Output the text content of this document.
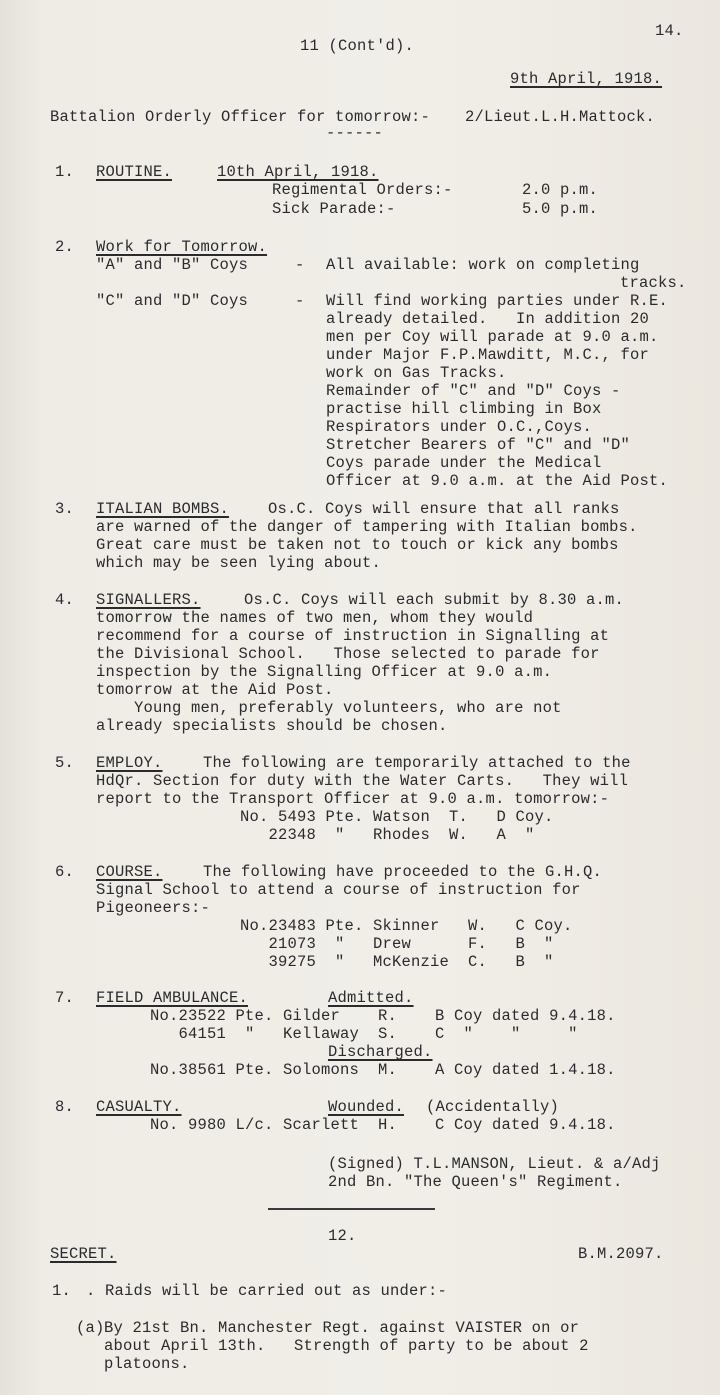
14.
11 (Cont'd).
9th April, 1918.
Battalion Orderly Officer for tomorrow:- 2/Lieut.L.H.Mattock.
------
1. ROUTINE.	10th April, 1918.
Regimental Orders:-	2.0 p.m.
Sick Parade:-	5.0 p.m.
2. Work for Tomorrow.
"A" and "B" Coys	- All available: work on completing
tracks.
"C" and "D" Coys	- Will find working parties under R.E.
already detailed.   In addition 20
men per Coy will parade at 9.0 a.m.
under Major F.P.Mawditt, M.C., for
work on Gas Tracks.
Remainder of "C" and "D" Coys -
practise hill climbing in Box
Respirators under O.C.,Coys.
Stretcher Bearers of "C" and "D"
Coys parade under the Medical
Officer at 9.0 a.m. at the Aid Post.
3. ITALIAN BOMBS.	Os.C. Coys will ensure that all ranks
are warned of the danger of tampering with Italian bombs.
Great care must be taken not to touch or kick any bombs
which may be seen lying about.
4. SIGNALLERS.	Os.C. Coys will each submit by 8.30 a.m.
tomorrow the names of two men, whom they would
recommend for a course of instruction in Signalling at
the Divisional School.   Those selected to parade for
inspection by the Signalling Officer at 9.0 a.m.
tomorrow at the Aid Post.
Young men, preferably volunteers, who are not
already specialists should be chosen.
5. EMPLOY.	The following are temporarily attached to the
HdQr. Section for duty with the Water Carts.   They will
report to the Transport Officer at 9.0 a.m. tomorrow:-
No. 5493 Pte. Watson  T.   D Coy.
22348  "   Rhodes  W.   A  "
6. COURSE.	The following have proceeded to the G.H.Q.
Signal School to attend a course of instruction for
Pigeoneers:-
No.23483 Pte. Skinner   W.   C Coy.
21073  "   Drew      F.   B  "
39275  "   McKenzie  C.   B  "
7. FIELD AMBULANCE.	Admitted.
No.23522 Pte. Gilder    R.    B Coy dated 9.4.18.
64151  "   Kellaway  S.    C  "    "     "
Discharged.
No.38561 Pte. Solomons  M.    A Coy dated 1.4.18.
8. CASUALTY.	Wounded. (Accidentally)
No. 9980 L/c. Scarlett  H.    C Coy dated 9.4.18.
(Signed) T.L.MANSON, Lieut. & a/Adj
2nd Bn. "The Queen's" Regiment.
12.
SECRET.	B.M.2097.
1. . Raids will be carried out as under:-
(a) By 21st Bn. Manchester Regt. against VAISTER on or
about April 13th.   Strength of party to be about 2
platoons.
